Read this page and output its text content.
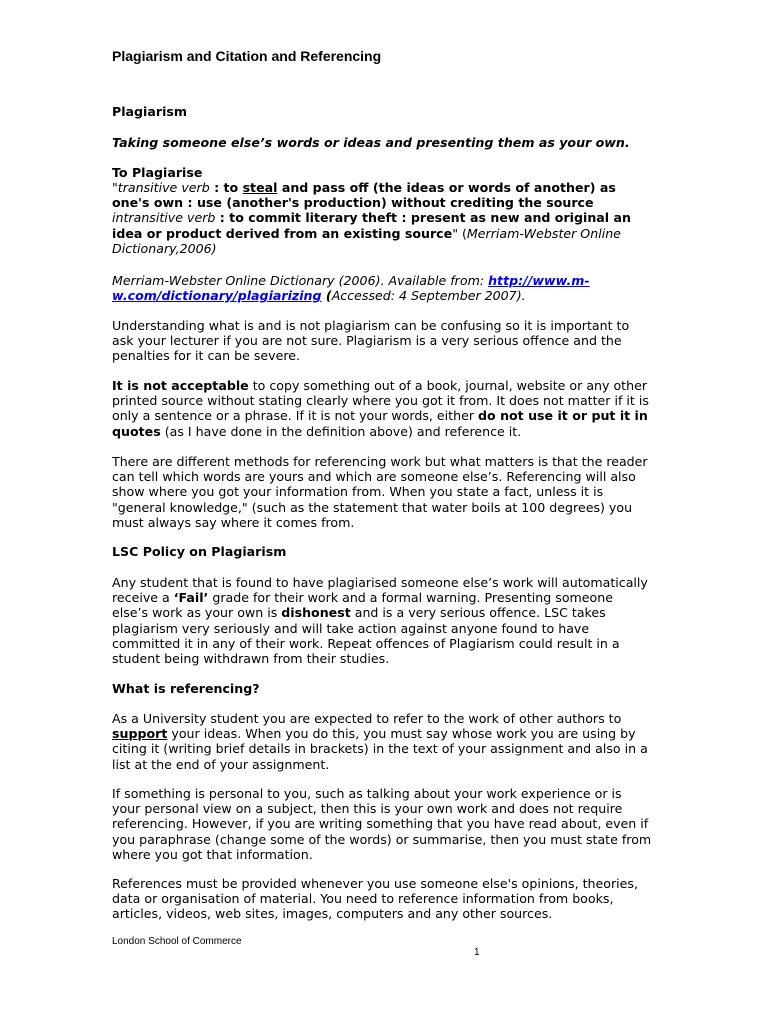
Plagiarism and Citation and Referencing
Plagiarism
Taking someone else’s words or ideas and presenting them as your own.
To Plagiarise
"transitive verb : to steal and pass off (the ideas or words of another) as one's own : use (another's production) without crediting the source
intransitive verb : to commit literary theft : present as new and original an idea or product derived from an existing source" (Merriam-Webster Online Dictionary,2006)
Merriam-Webster Online Dictionary (2006). Available from: http://www.m-w.com/dictionary/plagiarizing (Accessed: 4 September 2007).
Understanding what is and is not plagiarism can be confusing so it is important to ask your lecturer if you are not sure. Plagiarism is a very serious offence and the penalties for it can be severe.
It is not acceptable to copy something out of a book, journal, website or any other printed source without stating clearly where you got it from. It does not matter if it is only a sentence or a phrase. If it is not your words, either do not use it or put it in quotes (as I have done in the definition above) and reference it.
There are different methods for referencing work but what matters is that the reader can tell which words are yours and which are someone else’s. Referencing will also show where you got your information from. When you state a fact, unless it is "general knowledge," (such as the statement that water boils at 100 degrees) you must always say where it comes from.
LSC Policy on Plagiarism
Any student that is found to have plagiarised someone else’s work will automatically receive a ‘Fail’ grade for their work and a formal warning. Presenting someone else’s work as your own is dishonest and is a very serious offence. LSC takes plagiarism very seriously and will take action against anyone found to have committed it in any of their work. Repeat offences of Plagiarism could result in a student being withdrawn from their studies.
What is referencing?
As a University student you are expected to refer to the work of other authors to support your ideas. When you do this, you must say whose work you are using by citing it (writing brief details in brackets) in the text of your assignment and also in a list at the end of your assignment.
If something is personal to you, such as talking about your work experience or is your personal view on a subject, then this is your own work and does not require referencing. However, if you are writing something that you have read about, even if you paraphrase (change some of the words) or summarise, then you must state from where you got that information.
References must be provided whenever you use someone else's opinions, theories, data or organisation of material. You need to reference information from books, articles, videos, web sites, images, computers and any other sources.
London School of Commerce
1
